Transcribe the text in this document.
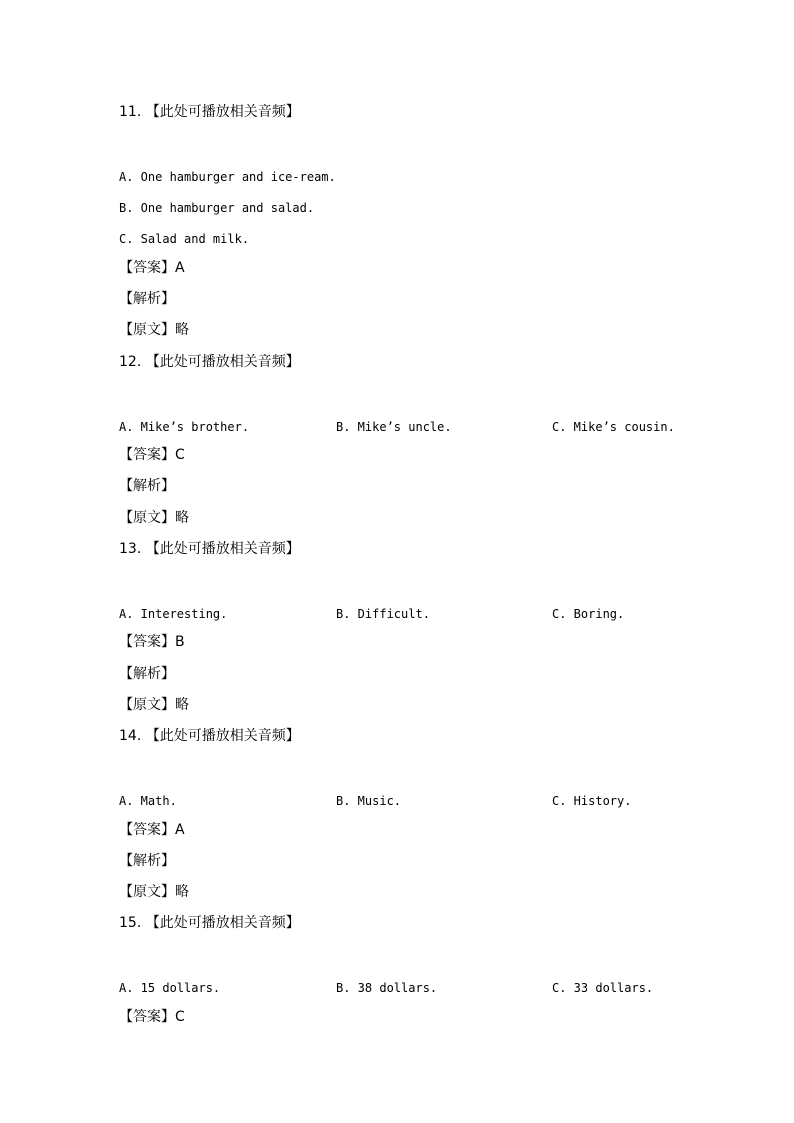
11. 【此处可播放相关音频】
A. One hamburger and ice-ream.
B. One hamburger and salad.
C. Salad and milk.
【答案】A
【解析】
【原文】略
12. 【此处可播放相关音频】
A. Mike’s brother.	B. Mike’s uncle.	C. Mike’s cousin.
【答案】C
【解析】
【原文】略
13. 【此处可播放相关音频】
A. Interesting.	B. Difficult.	C. Boring.
【答案】B
【解析】
【原文】略
14. 【此处可播放相关音频】
A. Math.	B. Music.	C. History.
【答案】A
【解析】
【原文】略
15. 【此处可播放相关音频】
A. 15 dollars.	B. 38 dollars.	C. 33 dollars.
【答案】C
